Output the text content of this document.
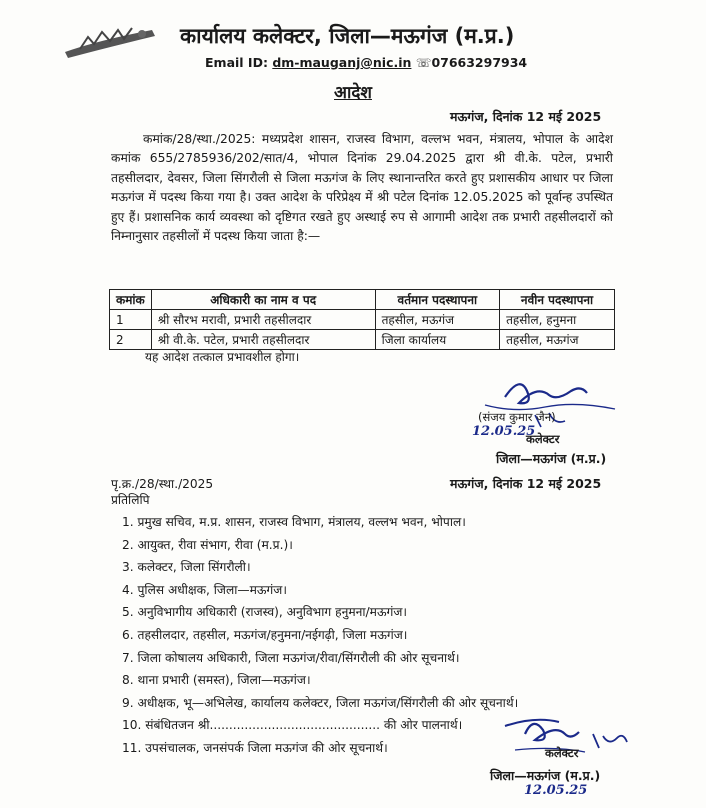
कार्यालय कलेक्टर, जिला—मऊगंज (म.प्र.)
Email ID: dm-mauganj@nic.in ☏07663297934
आदेश
मऊगंज, दिनांक 12 मई 2025
कमांक/28/स्था./2025: मध्यप्रदेश शासन, राजस्व विभाग, वल्लभ भवन, मंत्रालय, भोपाल के आदेश कमांक 655/2785936/202/सात/4, भोपाल दिनांक 29.04.2025 द्वारा श्री वी.के. पटेल, प्रभारी तहसीलदार, देवसर, जिला सिंगरौली से जिला मऊगंज के लिए स्थानान्तरित करते हुए प्रशासकीय आधार पर जिला मऊगंज में पदस्थ किया गया है। उक्त आदेश के परिप्रेक्ष्य में श्री पटेल दिनांक 12.05.2025 को पूर्वान्ह उपस्थित हुए हैं। प्रशासनिक कार्य व्यवस्था को दृष्टिगत रखते हुए अस्थाई रुप से आगामी आदेश तक प्रभारी तहसीलदारों को निम्नानुसार तहसीलों में पदस्थ किया जाता है:—
कमांक	अधिकारी का नाम व पद	वर्तमान पदस्थापना	नवीन पदस्थापना
1	श्री सौरभ मरावी, प्रभारी तहसीलदार	तहसील, मऊगंज	तहसील, हनुमना
2	श्री वी.के. पटेल, प्रभारी तहसीलदार	जिला कार्यालय	तहसील, मऊगंज
यह आदेश तत्काल प्रभावशील होगा।
(संजय कुमार जैन)
12.05.25
कलेक्टर
जिला—मऊगंज (म.प्र.)
पृ.क्र./28/स्था./2025	मऊगंज, दिनांक 12 मई 2025
प्रतिलिपि
1. प्रमुख सचिव, म.प्र. शासन, राजस्व विभाग, मंत्रालय, वल्लभ भवन, भोपाल।
2. आयुक्त, रीवा संभाग, रीवा (म.प्र.)।
3. कलेक्टर, जिला सिंगरौली।
4. पुलिस अधीक्षक, जिला—मऊगंज।
5. अनुविभागीय अधिकारी (राजस्व), अनुविभाग हनुमना/मऊगंज।
6. तहसीलदार, तहसील, मऊगंज/हनुमना/नईगढ़ी, जिला मऊगंज।
7. जिला कोषालय अधिकारी, जिला मऊगंज/रीवा/सिंगरौली की ओर सूचनार्थ।
8. थाना प्रभारी (समस्त), जिला—मऊगंज।
9. अधीक्षक, भू—अभिलेख, कार्यालय कलेक्टर, जिला मऊगंज/सिंगरौली की ओर सूचनार्थ।
10. संबंधितजन श्री............................................ की ओर पालनार्थ।
11. उपसंचालक, जनसंपर्क जिला मऊगंज की ओर सूचनार्थ।	कलेक्टर
जिला—मऊगंज (म.प्र.)
12.05.25
